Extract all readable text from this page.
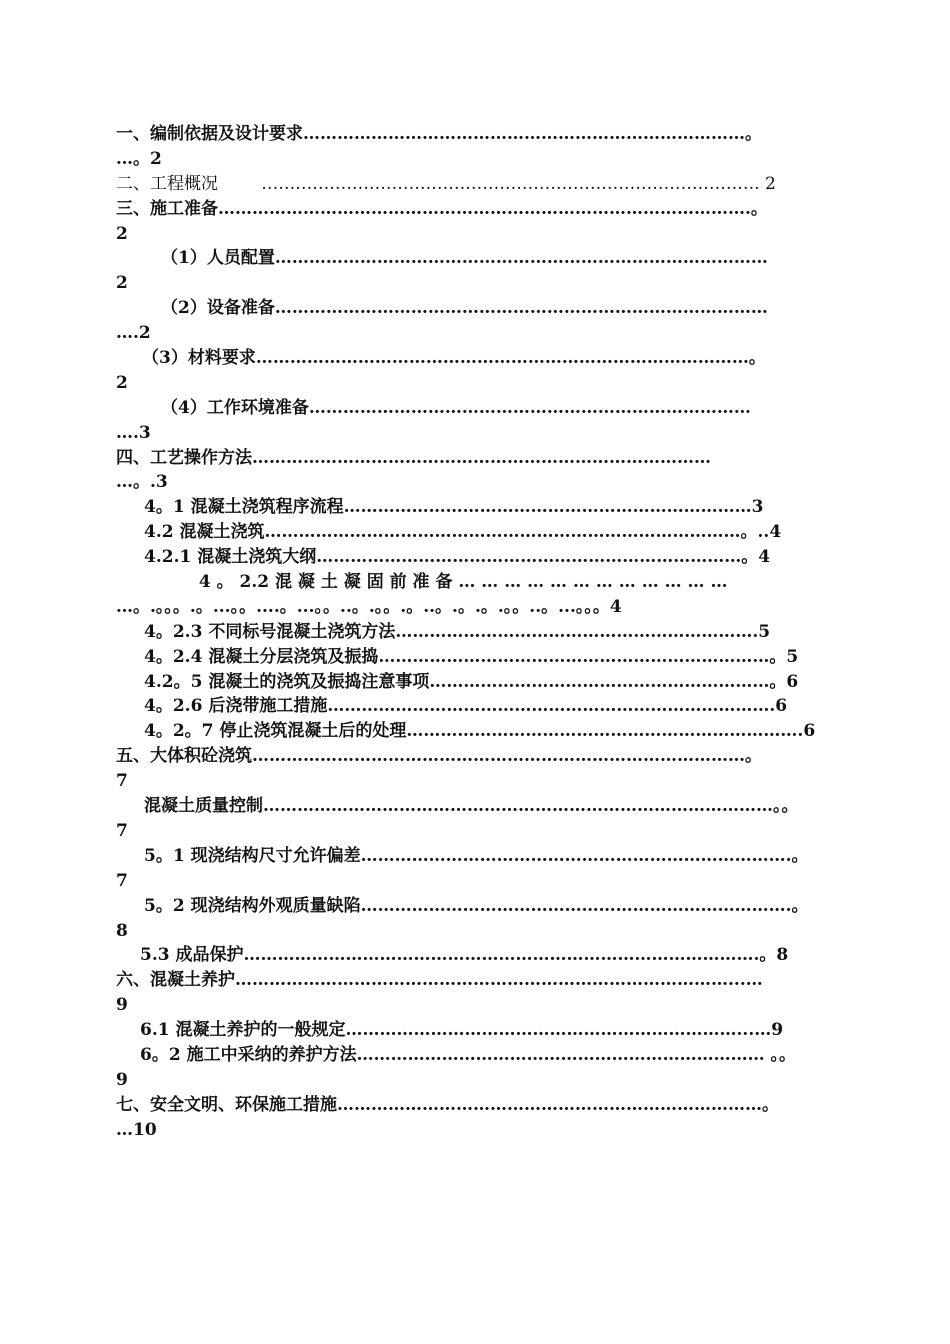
一、编制依据及设计要求……………………………………………………………………。
…。2
二、工程概况        ……………………………………………………………………………. 2
三、施工准备………………………………………………………………………………….。
2
（1）人员配置……………………………………………………………………………
2
（2）设备准备……………………………………………………………………………
….2
（3）材料要求……………………………………………………………………………。
2
（4）工作环境准备……………………………………………………………………
….3
四、工艺操作方法………………………………………………………………………
…。.3
4。1 混凝土浇筑程序流程………………………………………………………………3
4.2 混凝土浇筑…………………………………………………………………………。..4
4.2.1 混凝土浇筑大纲…………………………………………………………………。4
4 。 2.2 混 凝 土 凝 固 前 准 备 … … … … … … … … … … … …
…。.。。。.。...。。....。...。。..。.。。.。..。.。.。.。。..。...。。。4
4。2.3 不同标号混凝土浇筑方法……………………………………………………….5
4。2.4 混凝土分层浇筑及振捣……………………………………………………………。5
4.2。5 混凝土的浇筑及振捣注意事项……………………………………………………。6
4。2.6 后浇带施工措施…………………………………………………………………….6
4。2。7 停止浇筑混凝土后的处理…………………………………………………………….6
五、大体积砼浇筑……………………………………………………………………………。
7
混凝土质量控制………………………………………………………………………………。。
7
5。1 现浇结构尺寸允许偏差………………………………………………………………….。
7
5。2 现浇结构外观质量缺陷………………………………………………………………….。
8
5.3 成品保护……………………………………………………………………………….。8
六、混凝土养护……………………………………………………………………………...…
9
6.1 混凝土养护的一般规定……………………………………………………………...…9
6。2 施工中采纳的养护方法……………………………………………………………… 。。
9
七、安全文明、环保施工措施…………………………………………………………………。
…10
